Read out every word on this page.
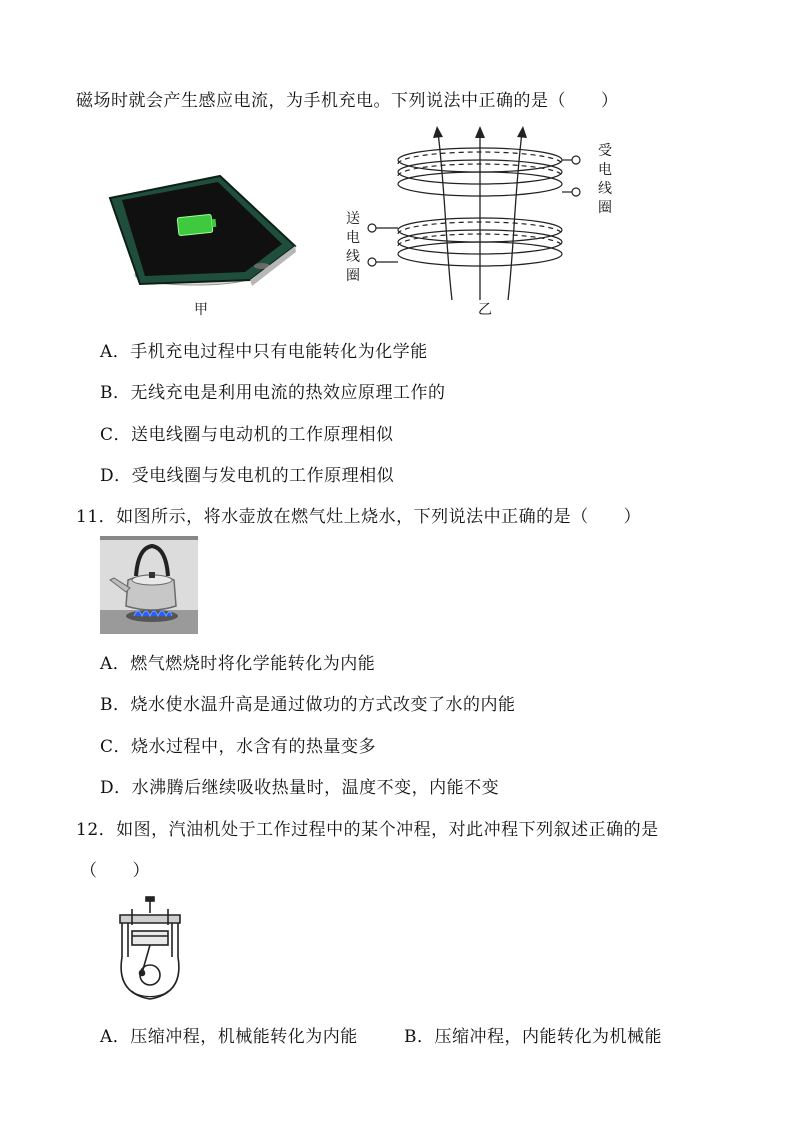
磁场时就会产生感应电流，为手机充电。下列说法中正确的是（　　）
甲
送
电
线
圈
受
电
线
圈
乙
A．手机充电过程中只有电能转化为化学能
B．无线充电是利用电流的热效应原理工作的
C．送电线圈与电动机的工作原理相似
D．受电线圈与发电机的工作原理相似
11．如图所示，将水壶放在燃气灶上烧水，下列说法中正确的是（　　）
A．燃气燃烧时将化学能转化为内能
B．烧水使水温升高是通过做功的方式改变了水的内能
C．烧水过程中，水含有的热量变多
D．水沸腾后继续吸收热量时，温度不变，内能不变
12．如图，汽油机处于工作过程中的某个冲程，对此冲程下列叙述正确的是
（　　）
A．压缩冲程，机械能转化为内能	B．压缩冲程，内能转化为机械能
